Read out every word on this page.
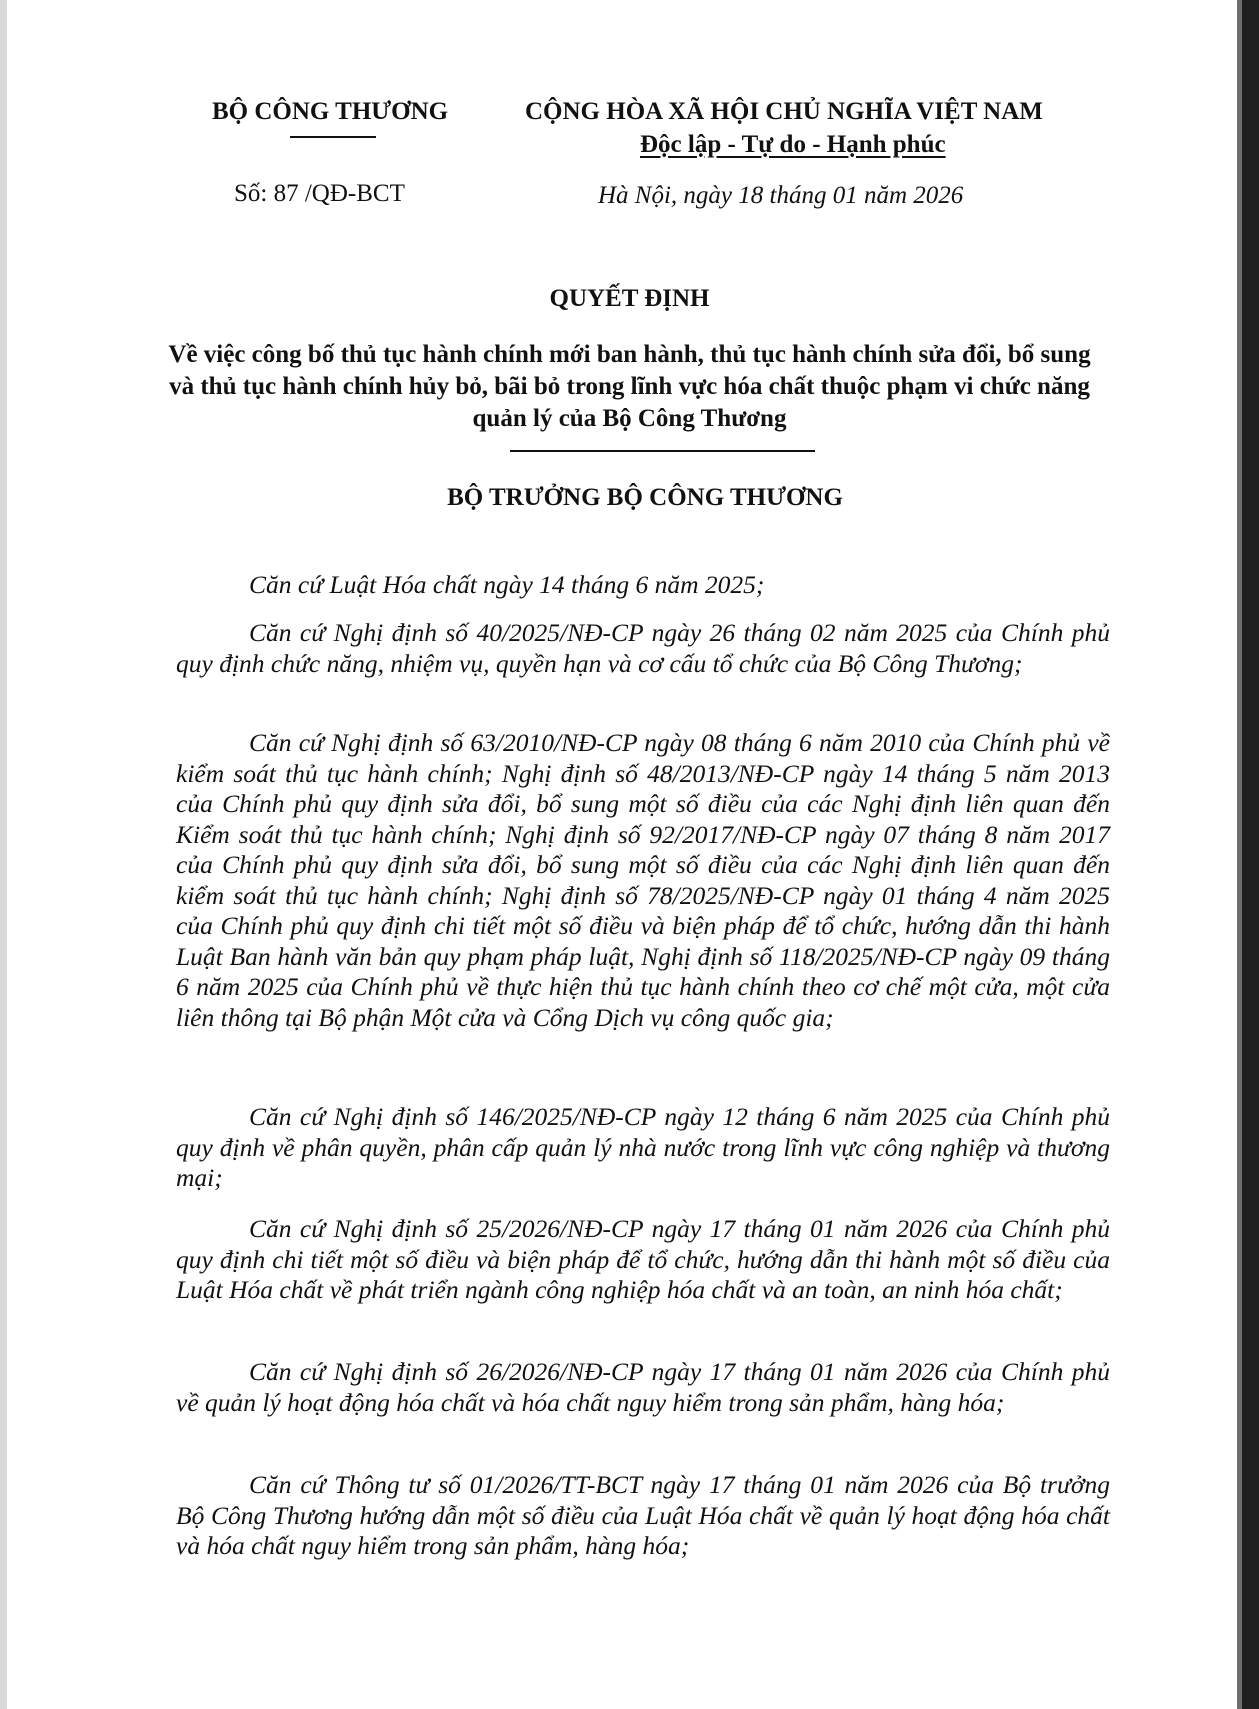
BỘ CÔNG THƯƠNG	CỘNG HÒA XÃ HỘI CHỦ NGHĨA VIỆT NAM
Độc lập - Tự do - Hạnh phúc
Số: 87 /QĐ-BCT	Hà Nội, ngày 18 tháng 01 năm 2026
QUYẾT ĐỊNH
Về việc công bố thủ tục hành chính mới ban hành, thủ tục hành chính sửa đổi, bổ sung và thủ tục hành chính hủy bỏ, bãi bỏ trong lĩnh vực hóa chất thuộc phạm vi chức năng quản lý của Bộ Công Thương
BỘ TRƯỞNG BỘ CÔNG THƯƠNG

Căn cứ Luật Hóa chất ngày 14 tháng 6 năm 2025;

Căn cứ Nghị định số 40/2025/NĐ-CP ngày 26 tháng 02 năm 2025 của Chính phủ quy định chức năng, nhiệm vụ, quyền hạn và cơ cấu tổ chức của Bộ Công Thương;

Căn cứ Nghị định số 63/2010/NĐ-CP ngày 08 tháng 6 năm 2010 của Chính phủ về kiểm soát thủ tục hành chính; Nghị định số 48/2013/NĐ-CP ngày 14 tháng 5 năm 2013 của Chính phủ quy định sửa đổi, bổ sung một số điều của các Nghị định liên quan đến Kiểm soát thủ tục hành chính; Nghị định số 92/2017/NĐ-CP ngày 07 tháng 8 năm 2017 của Chính phủ quy định sửa đổi, bổ sung một số điều của các Nghị định liên quan đến kiểm soát thủ tục hành chính; Nghị định số 78/2025/NĐ-CP ngày 01 tháng 4 năm 2025 của Chính phủ quy định chi tiết một số điều và biện pháp để tổ chức, hướng dẫn thi hành Luật Ban hành văn bản quy phạm pháp luật, Nghị định số 118/2025/NĐ-CP ngày 09 tháng 6 năm 2025 của Chính phủ về thực hiện thủ tục hành chính theo cơ chế một cửa, một cửa liên thông tại Bộ phận Một cửa và Cổng Dịch vụ công quốc gia;

Căn cứ Nghị định số 146/2025/NĐ-CP ngày 12 tháng 6 năm 2025 của Chính phủ quy định về phân quyền, phân cấp quản lý nhà nước trong lĩnh vực công nghiệp và thương mại;

Căn cứ Nghị định số 25/2026/NĐ-CP ngày 17 tháng 01 năm 2026 của Chính phủ quy định chi tiết một số điều và biện pháp để tổ chức, hướng dẫn thi hành một số điều của Luật Hóa chất về phát triển ngành công nghiệp hóa chất và an toàn, an ninh hóa chất;

Căn cứ Nghị định số 26/2026/NĐ-CP ngày 17 tháng 01 năm 2026 của Chính phủ về quản lý hoạt động hóa chất và hóa chất nguy hiểm trong sản phẩm, hàng hóa;

Căn cứ Thông tư số 01/2026/TT-BCT ngày 17 tháng 01 năm 2026 của Bộ trưởng Bộ Công Thương hướng dẫn một số điều của Luật Hóa chất về quản lý hoạt động hóa chất và hóa chất nguy hiểm trong sản phẩm, hàng hóa;
